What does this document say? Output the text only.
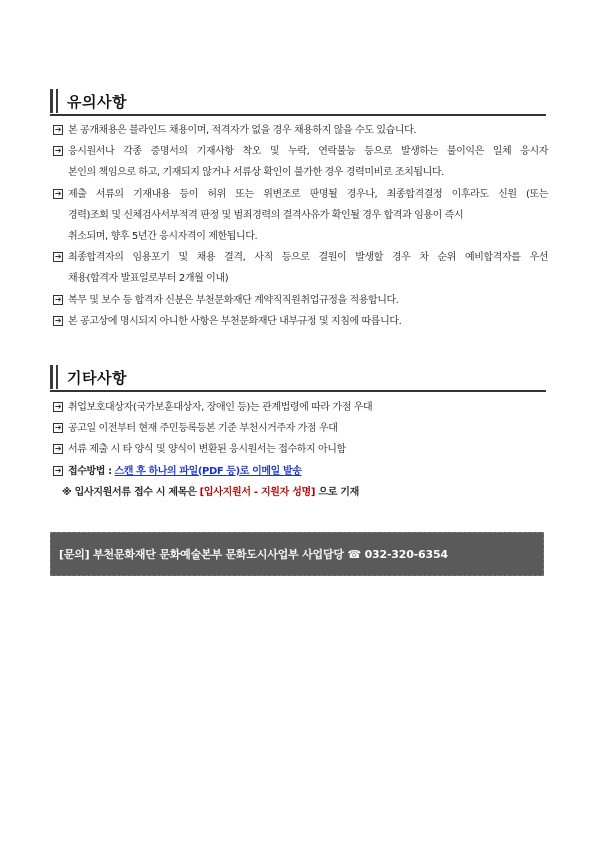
유의사항
➔ 본 공개채용은 블라인드 채용이며, 적격자가 없을 경우 채용하지 않을 수도 있습니다.
➔ 응시원서나 각종 증명서의 기재사항 착오 및 누락, 연락불능 등으로 발생하는 불이익은 일체 응시자
본인의 책임으로 하고, 기재되지 않거나 서류상 확인이 불가한 경우 경력미비로 조치됩니다.
➔ 제출 서류의 기재내용 등이 허위 또는 위변조로 판명될 경우나, 최종합격결정 이후라도 신원 (또는
경력)조회 및 신체검사서부적격 판정 및 범죄경력의 결격사유가 확인될 경우 합격과 임용이 즉시
취소되며, 향후 5년간 응시자격이 제한됩니다.
➔ 최종합격자의 임용포기 및 채용 결격, 사직 등으로 결원이 발생할 경우 차 순위 예비합격자를 우선
채용(합격자 발표일로부터 2개월 이내)
➔ 복무 및 보수 등 합격자 신분은 부천문화재단 계약직직원취업규정을 적용합니다.
➔ 본 공고상에 명시되지 아니한 사항은 부천문화재단 내부규정 및 지침에 따릅니다.
기타사항
➔ 취업보호대상자(국가보훈대상자, 장애인 등)는 관계법령에 따라 가점 우대
➔ 공고일 이전부터 현재 주민등록등본 기준 부천시거주자 가점 우대
➔ 서류 제출 시 타 양식 및 양식이 변환된 응시원서는 접수하지 아니함
➔ 접수방법 : 스캔 후 하나의 파일(PDF 등)로 이메일 발송
※ 입사지원서류 접수 시 제목은 [입사지원서 - 지원자 성명] 으로 기재
[문의] 부천문화재단 문화예술본부 문화도시사업부 사업담당 ☎ 032-320-6354
